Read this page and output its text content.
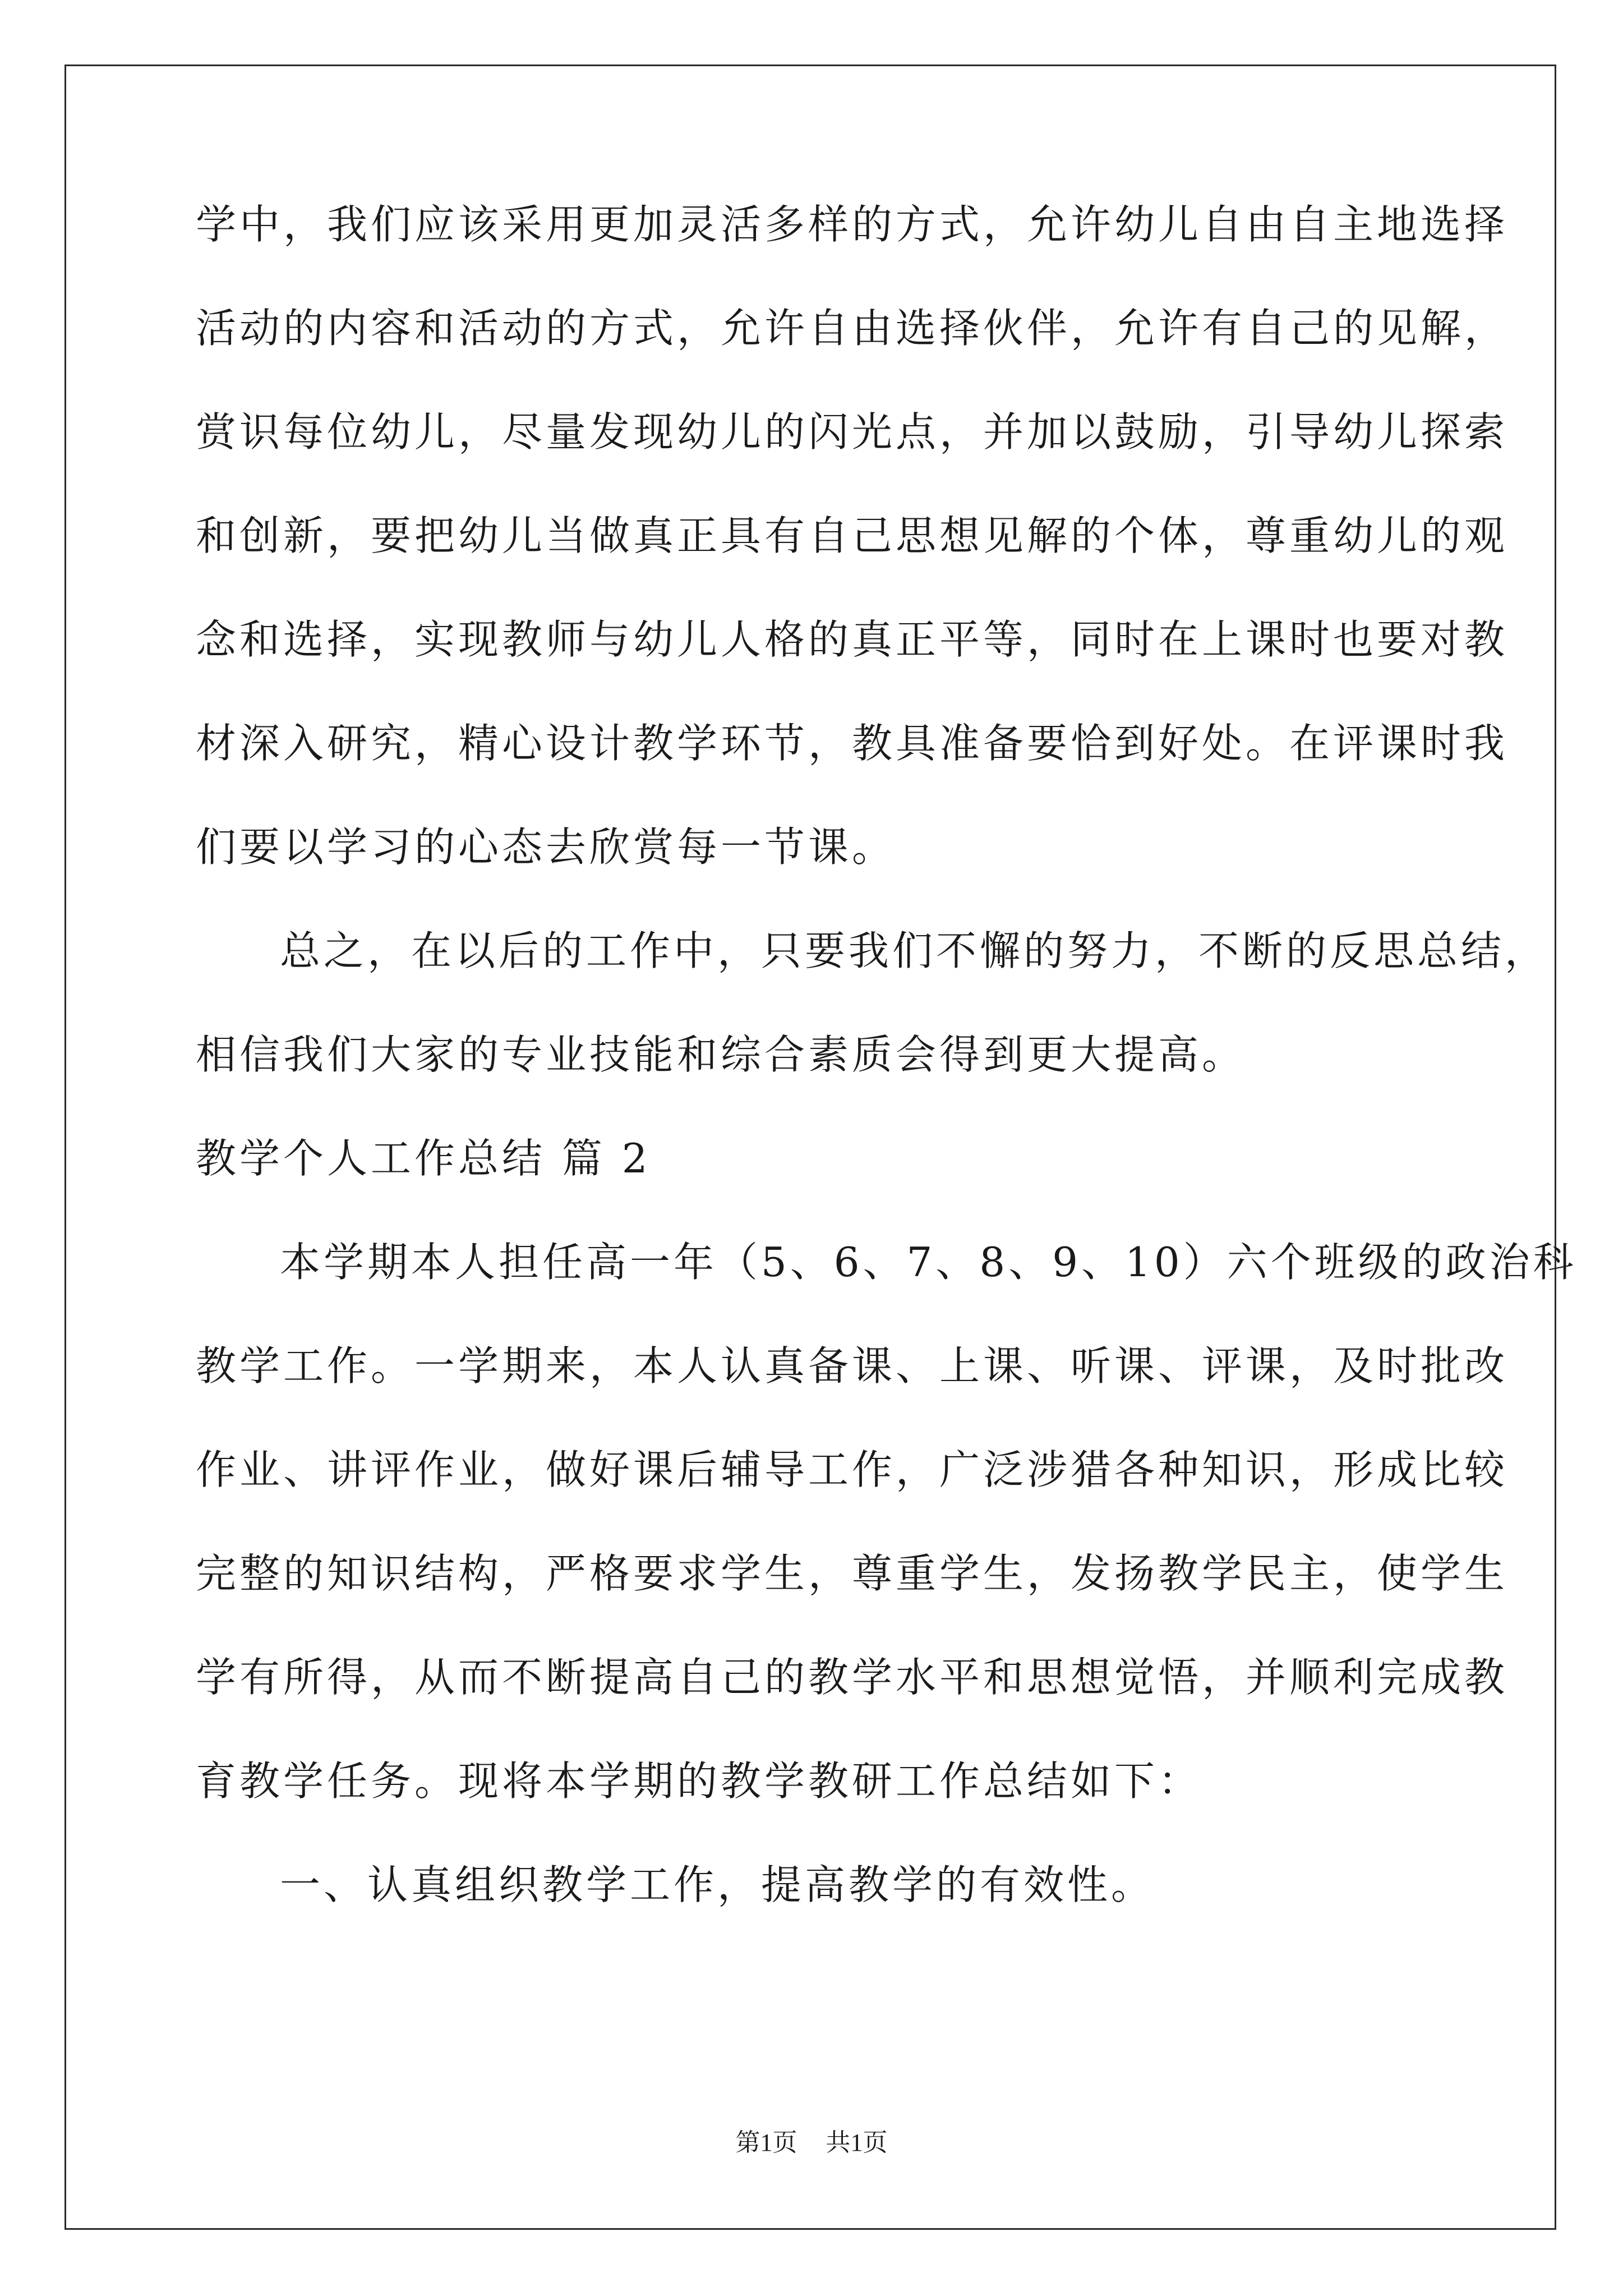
学中，我们应该采用更加灵活多样的方式，允许幼儿自由自主地选择
活动的内容和活动的方式，允许自由选择伙伴，允许有自己的见解，
赏识每位幼儿，尽量发现幼儿的闪光点，并加以鼓励，引导幼儿探索
和创新，要把幼儿当做真正具有自己思想见解的个体，尊重幼儿的观
念和选择，实现教师与幼儿人格的真正平等，同时在上课时也要对教
材深入研究，精心设计教学环节，教具准备要恰到好处。在评课时我
们要以学习的心态去欣赏每一节课。
总之，在以后的工作中，只要我们不懈的努力，不断的反思总结，
相信我们大家的专业技能和综合素质会得到更大提高。
教学个人工作总结 篇 2
本学期本人担任高一年（5、6、7、8、9、10）六个班级的政治科
教学工作。一学期来，本人认真备课、上课、听课、评课，及时批改
作业、讲评作业，做好课后辅导工作，广泛涉猎各种知识，形成比较
完整的知识结构，严格要求学生，尊重学生，发扬教学民主，使学生
学有所得，从而不断提高自己的教学水平和思想觉悟，并顺利完成教
育教学任务。现将本学期的教学教研工作总结如下：
一、认真组织教学工作，提高教学的有效性。
第1页 共1页
